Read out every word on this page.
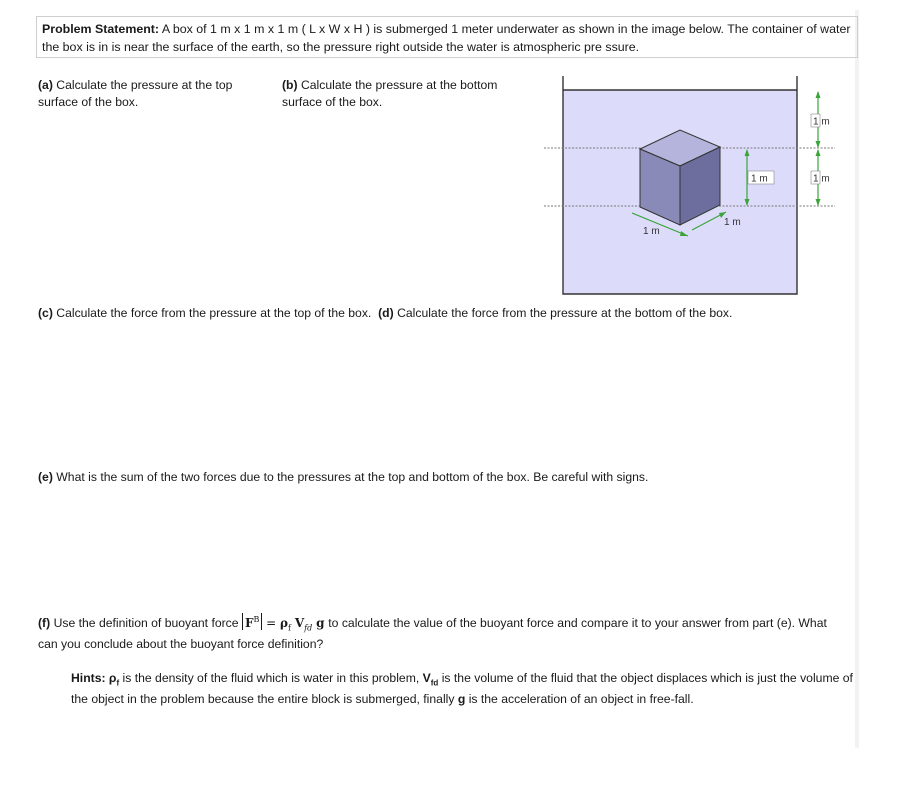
Problem Statement: A box of 1 m x 1 m x 1 m ( L x W x H ) is submerged 1 meter underwater as shown in the image below. The container of water the box is in is near the surface of the earth, so the pressure right outside the water is atmospheric pre ssure.
(a) Calculate the pressure at the top surface of the box.
(b) Calculate the pressure at the bottom surface of the box.
1 m
1 m
1 m
1 m
1 m
(c) Calculate the force from the pressure at the top of the box. (d) Calculate the force from the pressure at the bottom of the box.
(e) What is the sum of the two forces due to the pressures at the top and bottom of the box. Be careful with signs.
(f) Use the definition of buoyant force $F^B = \rho_f$ $V_{fd}$ g to calculate the value of the buoyant force and compare it to your answer from part (e). What can you conclude about the buoyant force definition?
Hints: $\rho_f$ is the density of the fluid which is water in this problem, $V_{fd}$ is the volume of the fluid that the object displaces which is just the volume of the object in the problem because the entire block is submerged, finally g is the acceleration of an object in free-fall.
